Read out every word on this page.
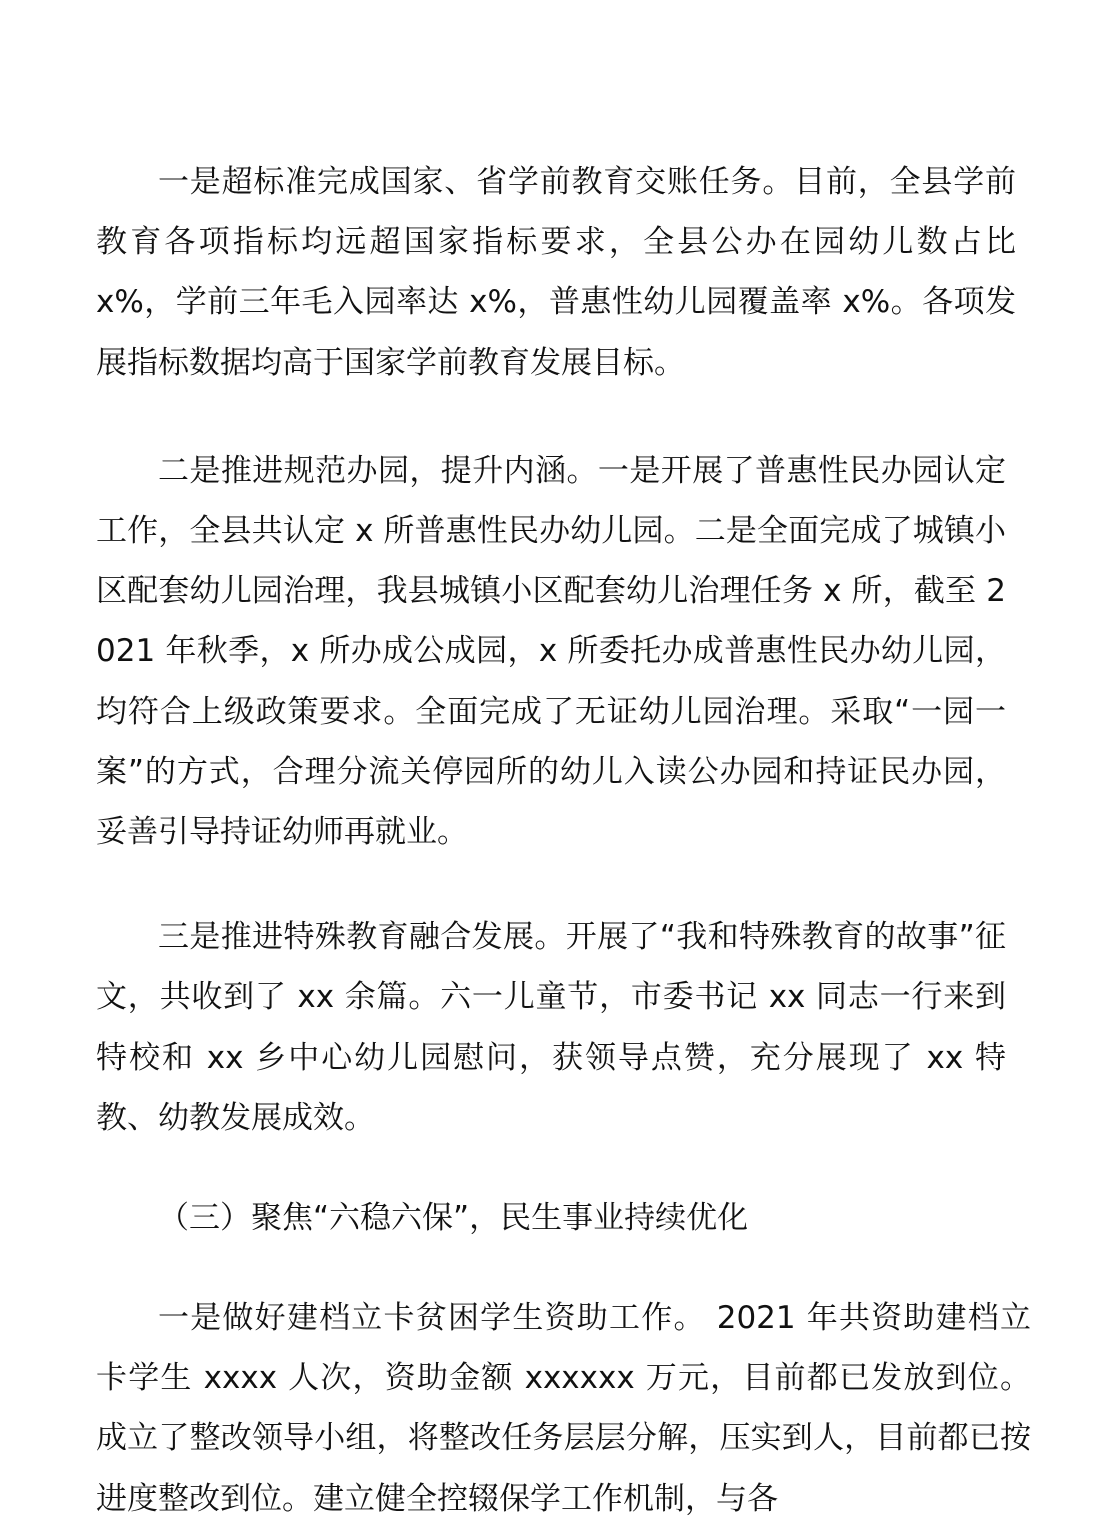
一是超标准完成国家、省学前教育交账任务。目前，全县学前教育各项指标均远超国家指标要求，全县公办在园幼儿数占比 x%，学前三年毛入园率达 x%，普惠性幼儿园覆盖率 x%。各项发展指标数据均高于国家学前教育发展目标。

二是推进规范办园，提升内涵。一是开展了普惠性民办园认定工作，全县共认定 x 所普惠性民办幼儿园。二是全面完成了城镇小区配套幼儿园治理，我县城镇小区配套幼儿治理任务 x 所，截至 2021 年秋季，x 所办成公成园，x 所委托办成普惠性民办幼儿园，均符合上级政策要求。全面完成了无证幼儿园治理。采取“一园一案”的方式，合理分流关停园所的幼儿入读公办园和持证民办园，妥善引导持证幼师再就业。

三是推进特殊教育融合发展。开展了“我和特殊教育的故事”征文，共收到了 xx 余篇。六一儿童节，市委书记 xx 同志一行来到特校和 xx 乡中心幼儿园慰问，获领导点赞，充分展现了 xx 特教、幼教发展成效。

（三）聚焦“六稳六保”，民生事业持续优化

一是做好建档立卡贫困学生资助工作。 2021 年共资助建档立卡学生 xxxx 人次，资助金额 xxxxxx 万元，目前都已发放到位。成立了整改领导小组，将整改任务层层分解，压实到人，目前都已按进度整改到位。建立健全控辍保学工作机制，与各
